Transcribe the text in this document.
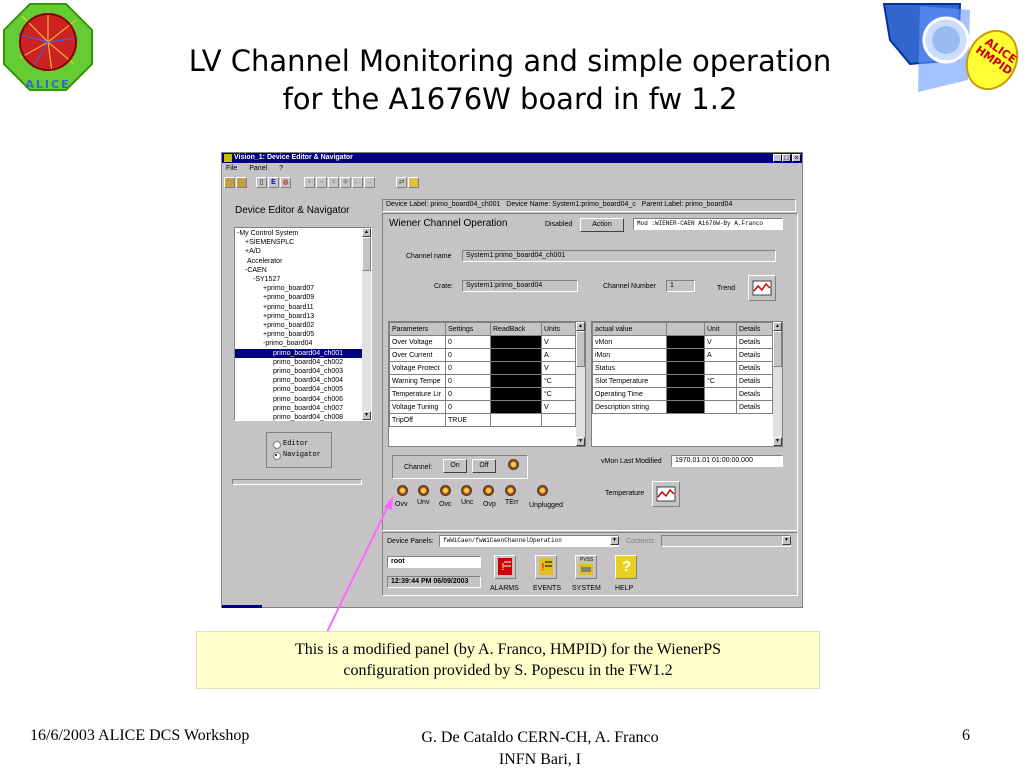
ALICE
ALICE HMPID
LV Channel Monitoring and simple operation
for the A1676W board in fw 1.2
Vision_1: Device Editor & Navigator	_ □ ×
File Panel ?
▯	E ◍	+	−	=	✥ ← →	⇄
Device Editor & Navigator
-My Control System
+SIEMENSPLC
+A/D
Accelerator
-CAEN
-SY1527
+primo_board07
+primo_board09
+primo_board11
+primo_board13
+primo_board02
+primo_board05
-primo_board04
primo_board04_ch001
primo_board04_ch002
primo_board04_ch003
primo_board04_ch004
primo_board04_ch005
primo_board04_ch006
primo_board04_ch007
primo_board04_ch008
▲
▼
Editor
Navigator
Device Label: primo_board04_ch001 Device Name: System1:primo_board04_c Parent Label: primo_board04
Wiener Channel Operation	Disabled	Action	Mod :WIENER-CAEN A1676W-By A.Franco
Channel name	System1:primo_board04_ch001
Crate:	System1:primo_board04	Channel Number	1	Trend
Parameters	Settings	ReadBack	Units
Over Voltage	0		V
Over Current	0		A
Voltage Protect	0		V
Warning Tempe	0		°C
Temperature Lir	0		°C
Voltage Tuning	0		V
TripOff	TRUE		
▲
▼
actual value		Unit	Details
vMon		V	Details
iMon		A	Details
Status			Details
Slot Temperature		°C	Details
Operating Time			Details
Description string			Details
▲
▼
Channel:	On	Off
vMon Last Modified	1970.01.01 01:00:00.000
Temperature
Device Panels:	fwWiCaen/fwWiCaenChannelOperation	▼ Contents:	▼
root
12:39:44 PM 06/09/2003
!	!
PVSS ?
ALARMS EVENTS SYSTEM HELP
Ovv Unv Ovc Unc Ovp TErr Unplugged
This is a modified panel (by A. Franco, HMPID) for the WienerPS
configuration provided by S. Popescu in the FW1.2
16/6/2003 ALICE DCS Workshop	G. De Cataldo CERN-CH, A. Franco
INFN Bari, I
6
